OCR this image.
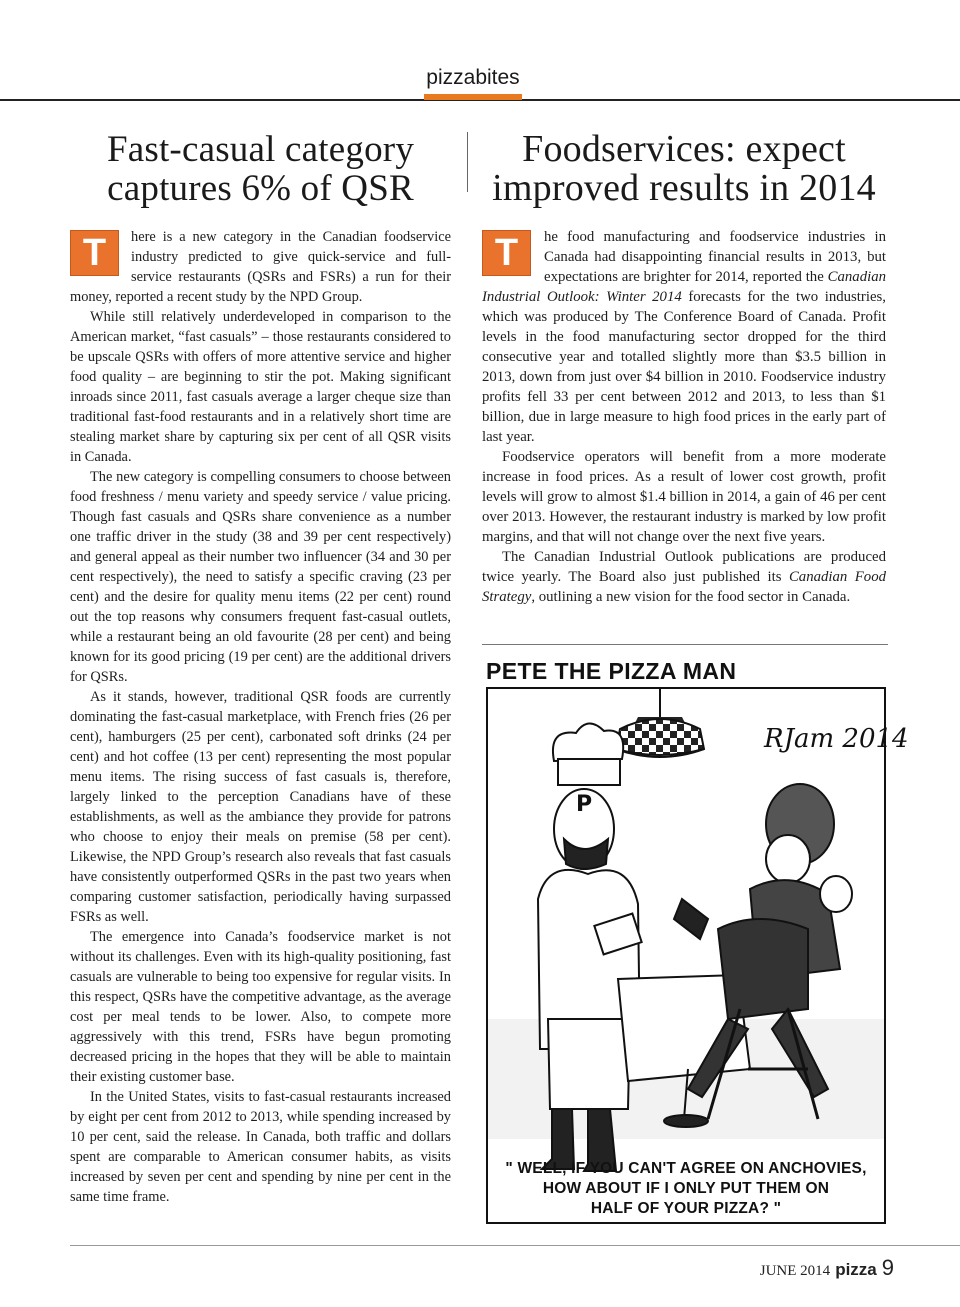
pizzabites
Fast-casual category captures 6% of QSR
T	here is a new category in the Canadian foodservice industry predicted to give quick-service and full-service restaurants (QSRs and FSRs) a run for their money, reported a recent study by the NPD Group.

While still relatively underdeveloped in comparison to the American market, “fast casuals” – those restaurants considered to be upscale QSRs with offers of more attentive service and higher food quality – are beginning to stir the pot. Making significant inroads since 2011, fast casuals average a larger cheque size than traditional fast-food restaurants and in a relatively short time are stealing market share by capturing six per cent of all QSR visits in Canada.

The new category is compelling consumers to choose between food freshness / menu variety and speedy service / value pricing. Though fast casuals and QSRs share convenience as a number one traffic driver in the study (38 and 39 per cent respectively) and general appeal as their number two influencer (34 and 30 per cent respectively), the need to satisfy a specific craving (23 per cent) and the desire for quality menu items (22 per cent) round out the top reasons why consumers frequent fast-casual outlets, while a restaurant being an old favourite (28 per cent) and being known for its good pricing (19 per cent) are the additional drivers for QSRs.

As it stands, however, traditional QSR foods are currently dominating the fast-casual marketplace, with French fries (26 per cent), hamburgers (25 per cent), carbonated soft drinks (24 per cent) and hot coffee (13 per cent) representing the most popular menu items. The rising success of fast casuals is, therefore, largely linked to the perception Canadians have of these establishments, as well as the ambiance they provide for patrons who choose to enjoy their meals on premise (58 per cent). Likewise, the NPD Group’s research also reveals that fast casuals have consistently outperformed QSRs in the past two years when comparing customer satisfaction, periodically having surpassed FSRs as well.

The emergence into Canada’s foodservice market is not without its challenges. Even with its high-quality positioning, fast casuals are vulnerable to being too expensive for regular visits. In this respect, QSRs have the competitive advantage, as the average cost per meal tends to be lower. Also, to compete more aggressively with this trend, FSRs have begun promoting decreased pricing in the hopes that they will be able to maintain their existing customer base.

In the United States, visits to fast-casual restaurants increased by eight per cent from 2012 to 2013, while spending increased by 10 per cent, said the release. In Canada, both traffic and dollars spent are comparable to American consumer habits, as visits increased by seven per cent and spending by nine per cent in the same time frame.

Foodservices: expect improved results in 2014
T	he food manufacturing and foodservice industries in Canada had disappointing financial results in 2013, but expectations are brighter for 2014, reported the Canadian Industrial Outlook: Winter 2014 forecasts for the two industries, which was produced by The Conference Board of Canada. Profit levels in the food manufacturing sector dropped for the third consecutive year and totalled slightly more than $3.5 billion in 2013, down from just over $4 billion in 2010. Foodservice industry profits fell 33 per cent between 2012 and 2013, to less than $1 billion, due in large measure to high food prices in the early part of last year.

Foodservice operators will benefit from a more moderate increase in food prices. As a result of lower cost growth, profit levels will grow to almost $1.4 billion in 2014, a gain of 46 per cent over 2013. However, the restaurant industry is marked by low profit margins, and that will not change over the next five years.

The Canadian Industrial Outlook publications are produced twice yearly. The Board also just published its Canadian Food Strategy, outlining a new vision for the food sector in Canada.

PETE THE PIZZA MAN
RJam 2014
P
" WELL, IF YOU CAN'T AGREE ON ANCHOVIES,
HOW ABOUT IF I ONLY PUT THEM ON
HALF OF YOUR PIZZA? "
JUNE 2014 pizza 9
